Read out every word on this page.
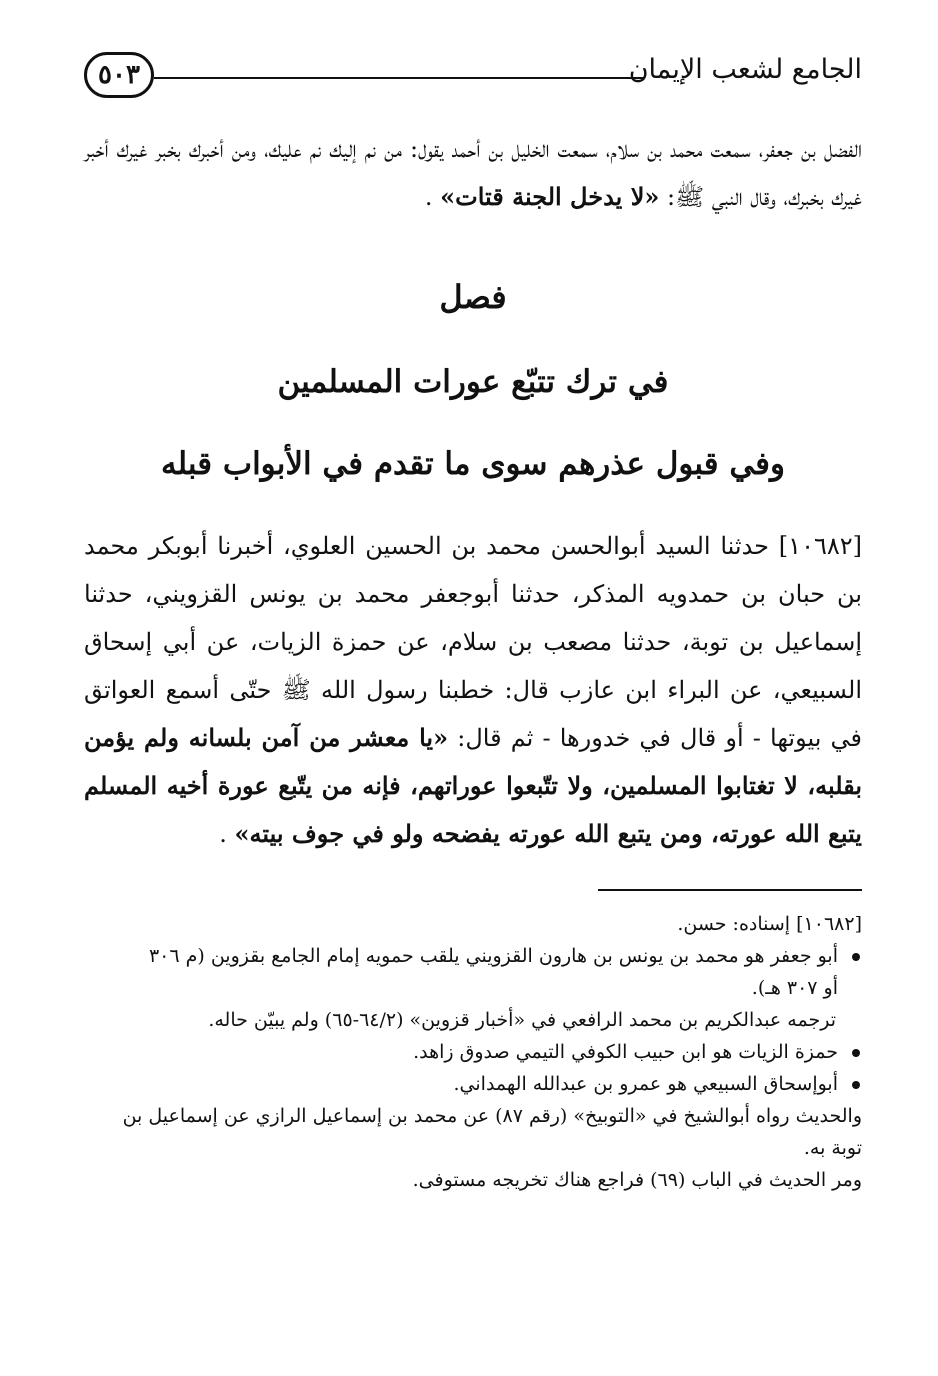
الجامع لشعب الإيمان
٥٠٣
الفضل بن جعفر، سمعت محمد بن سلام، سمعت الخليل بن أحمد يقول: من نم إليك نم عليك، ومن أخبرك بخبر غيرك أخبر غيرك بخبرك، وقال النبي ﷺ: «لا يدخل الجنة قتات» .
فصل
في ترك تتبّع عورات المسلمين
وفي قبول عذرهم سوى ما تقدم في الأبواب قبله
[١٠٦٨٢] حدثنا السيد أبوالحسن محمد بن الحسين العلوي، أخبرنا أبوبكر محمد بن حبان بن حمدويه المذكر، حدثنا أبوجعفر محمد بن يونس القزويني، حدثنا إسماعيل بن توبة، حدثنا مصعب بن سلام، عن حمزة الزيات، عن أبي إسحاق السبيعي، عن البراء ابن عازب قال: خطبنا رسول الله ﷺ حتّى أسمع العواتق في بيوتها - أو قال في خدورها - ثم قال: «يا معشر من آمن بلسانه ولم يؤمن بقلبه، لا تغتابوا المسلمين، ولا تتّبعوا عوراتهم، فإنه من يتّبع عورة أخيه المسلم يتبع الله عورته، ومن يتبع الله عورته يفضحه ولو في جوف بيته» .
[١٠٦٨٢] إسناده: حسن.
أبو جعفر هو محمد بن يونس بن هارون القزويني يلقب حمويه إمام الجامع بقزوين (م ٣٠٦
أو ٣٠٧ هـ).
ترجمه عبدالكريم بن محمد الرافعي في «أخبار قزوين» (٦٤/٢-٦٥) ولم يبيّن حاله.
حمزة الزيات هو ابن حبيب الكوفي التيمي صدوق زاهد.
أبوإسحاق السبيعي هو عمرو بن عبدالله الهمداني.
والحديث رواه أبوالشيخ في «التوبيخ» (رقم ٨٧) عن محمد بن إسماعيل الرازي عن إسماعيل بن
توبة به.
ومر الحديث في الباب (٦٩) فراجع هناك تخريجه مستوفى.
